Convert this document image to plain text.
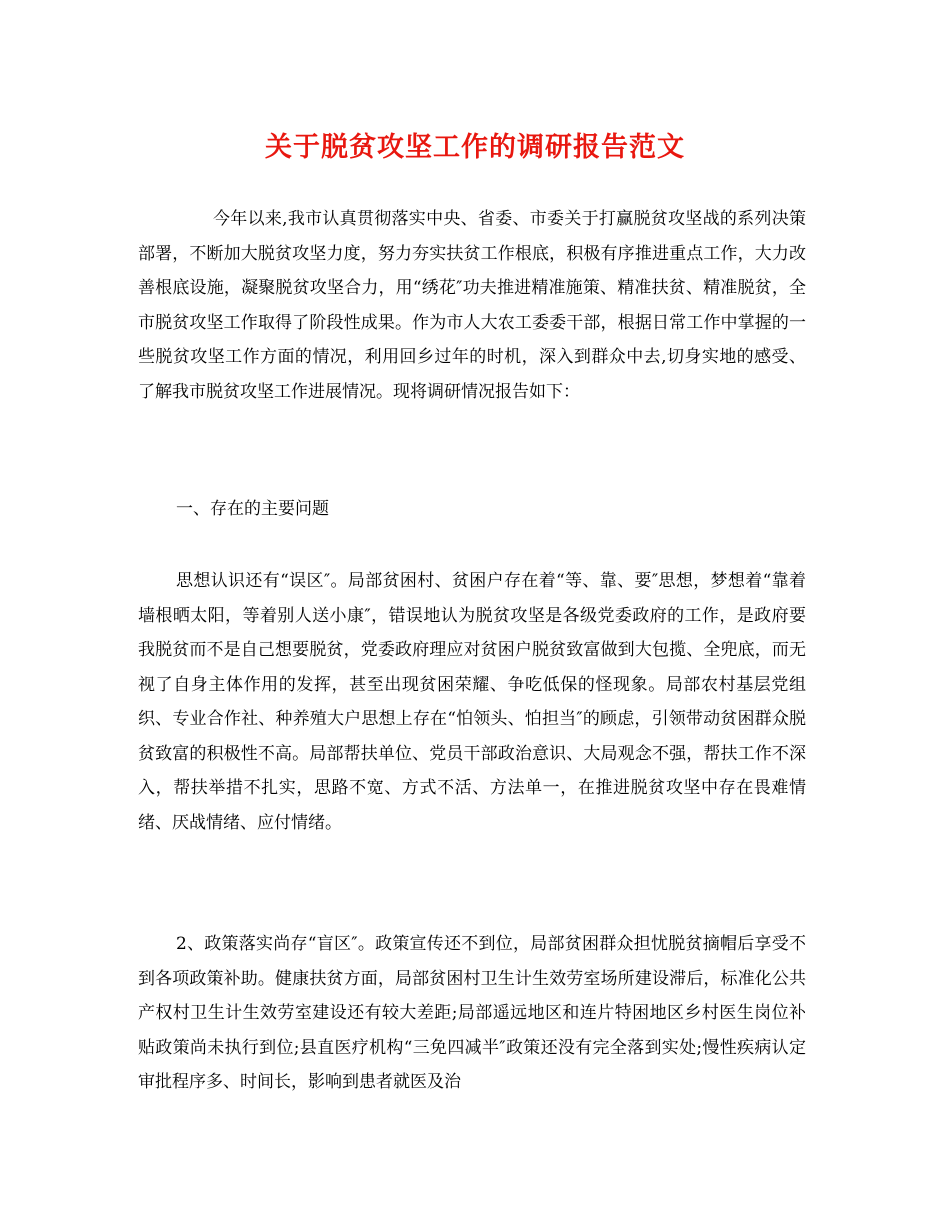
关于脱贫攻坚工作的调研报告范文

今年以来,我市认真贯彻落实中央、省委、市委关于打赢脱贫攻坚战的系列决策部署，不断加大脱贫攻坚力度，努力夯实扶贫工作根底，积极有序推进重点工作，大力改善根底设施，凝聚脱贫攻坚合力，用“绣花″功夫推进精准施策、精准扶贫、精准脱贫，全市脱贫攻坚工作取得了阶段性成果。作为市人大农工委委干部，根据日常工作中掌握的一些脱贫攻坚工作方面的情况，利用回乡过年的时机，深入到群众中去,切身实地的感受、了解我市脱贫攻坚工作进展情况。现将调研情况报告如下：

一、存在的主要问题

思想认识还有“误区″。局部贫困村、贫困户存在着“等、靠、要″思想，梦想着“靠着墙根晒太阳，等着别人送小康″，错误地认为脱贫攻坚是各级党委政府的工作，是政府要我脱贫而不是自己想要脱贫，党委政府理应对贫困户脱贫致富做到大包揽、全兜底，而无视了自身主体作用的发挥，甚至出现贫困荣耀、争吃低保的怪现象。局部农村基层党组织、专业合作社、种养殖大户思想上存在“怕领头、怕担当″的顾虑，引领带动贫困群众脱贫致富的积极性不高。局部帮扶单位、党员干部政治意识、大局观念不强，帮扶工作不深入，帮扶举措不扎实，思路不宽、方式不活、方法单一，在推进脱贫攻坚中存在畏难情绪、厌战情绪、应付情绪。

2、政策落实尚存“盲区″。政策宣传还不到位，局部贫困群众担忧脱贫摘帽后享受不到各项政策补助。健康扶贫方面，局部贫困村卫生计生效劳室场所建设滞后，标准化公共产权村卫生计生效劳室建设还有较大差距;局部遥远地区和连片特困地区乡村医生岗位补贴政策尚未执行到位;县直医疗机构“三免四减半″政策还没有完全落到实处;慢性疾病认定审批程序多、时间长，影响到患者就医及治
